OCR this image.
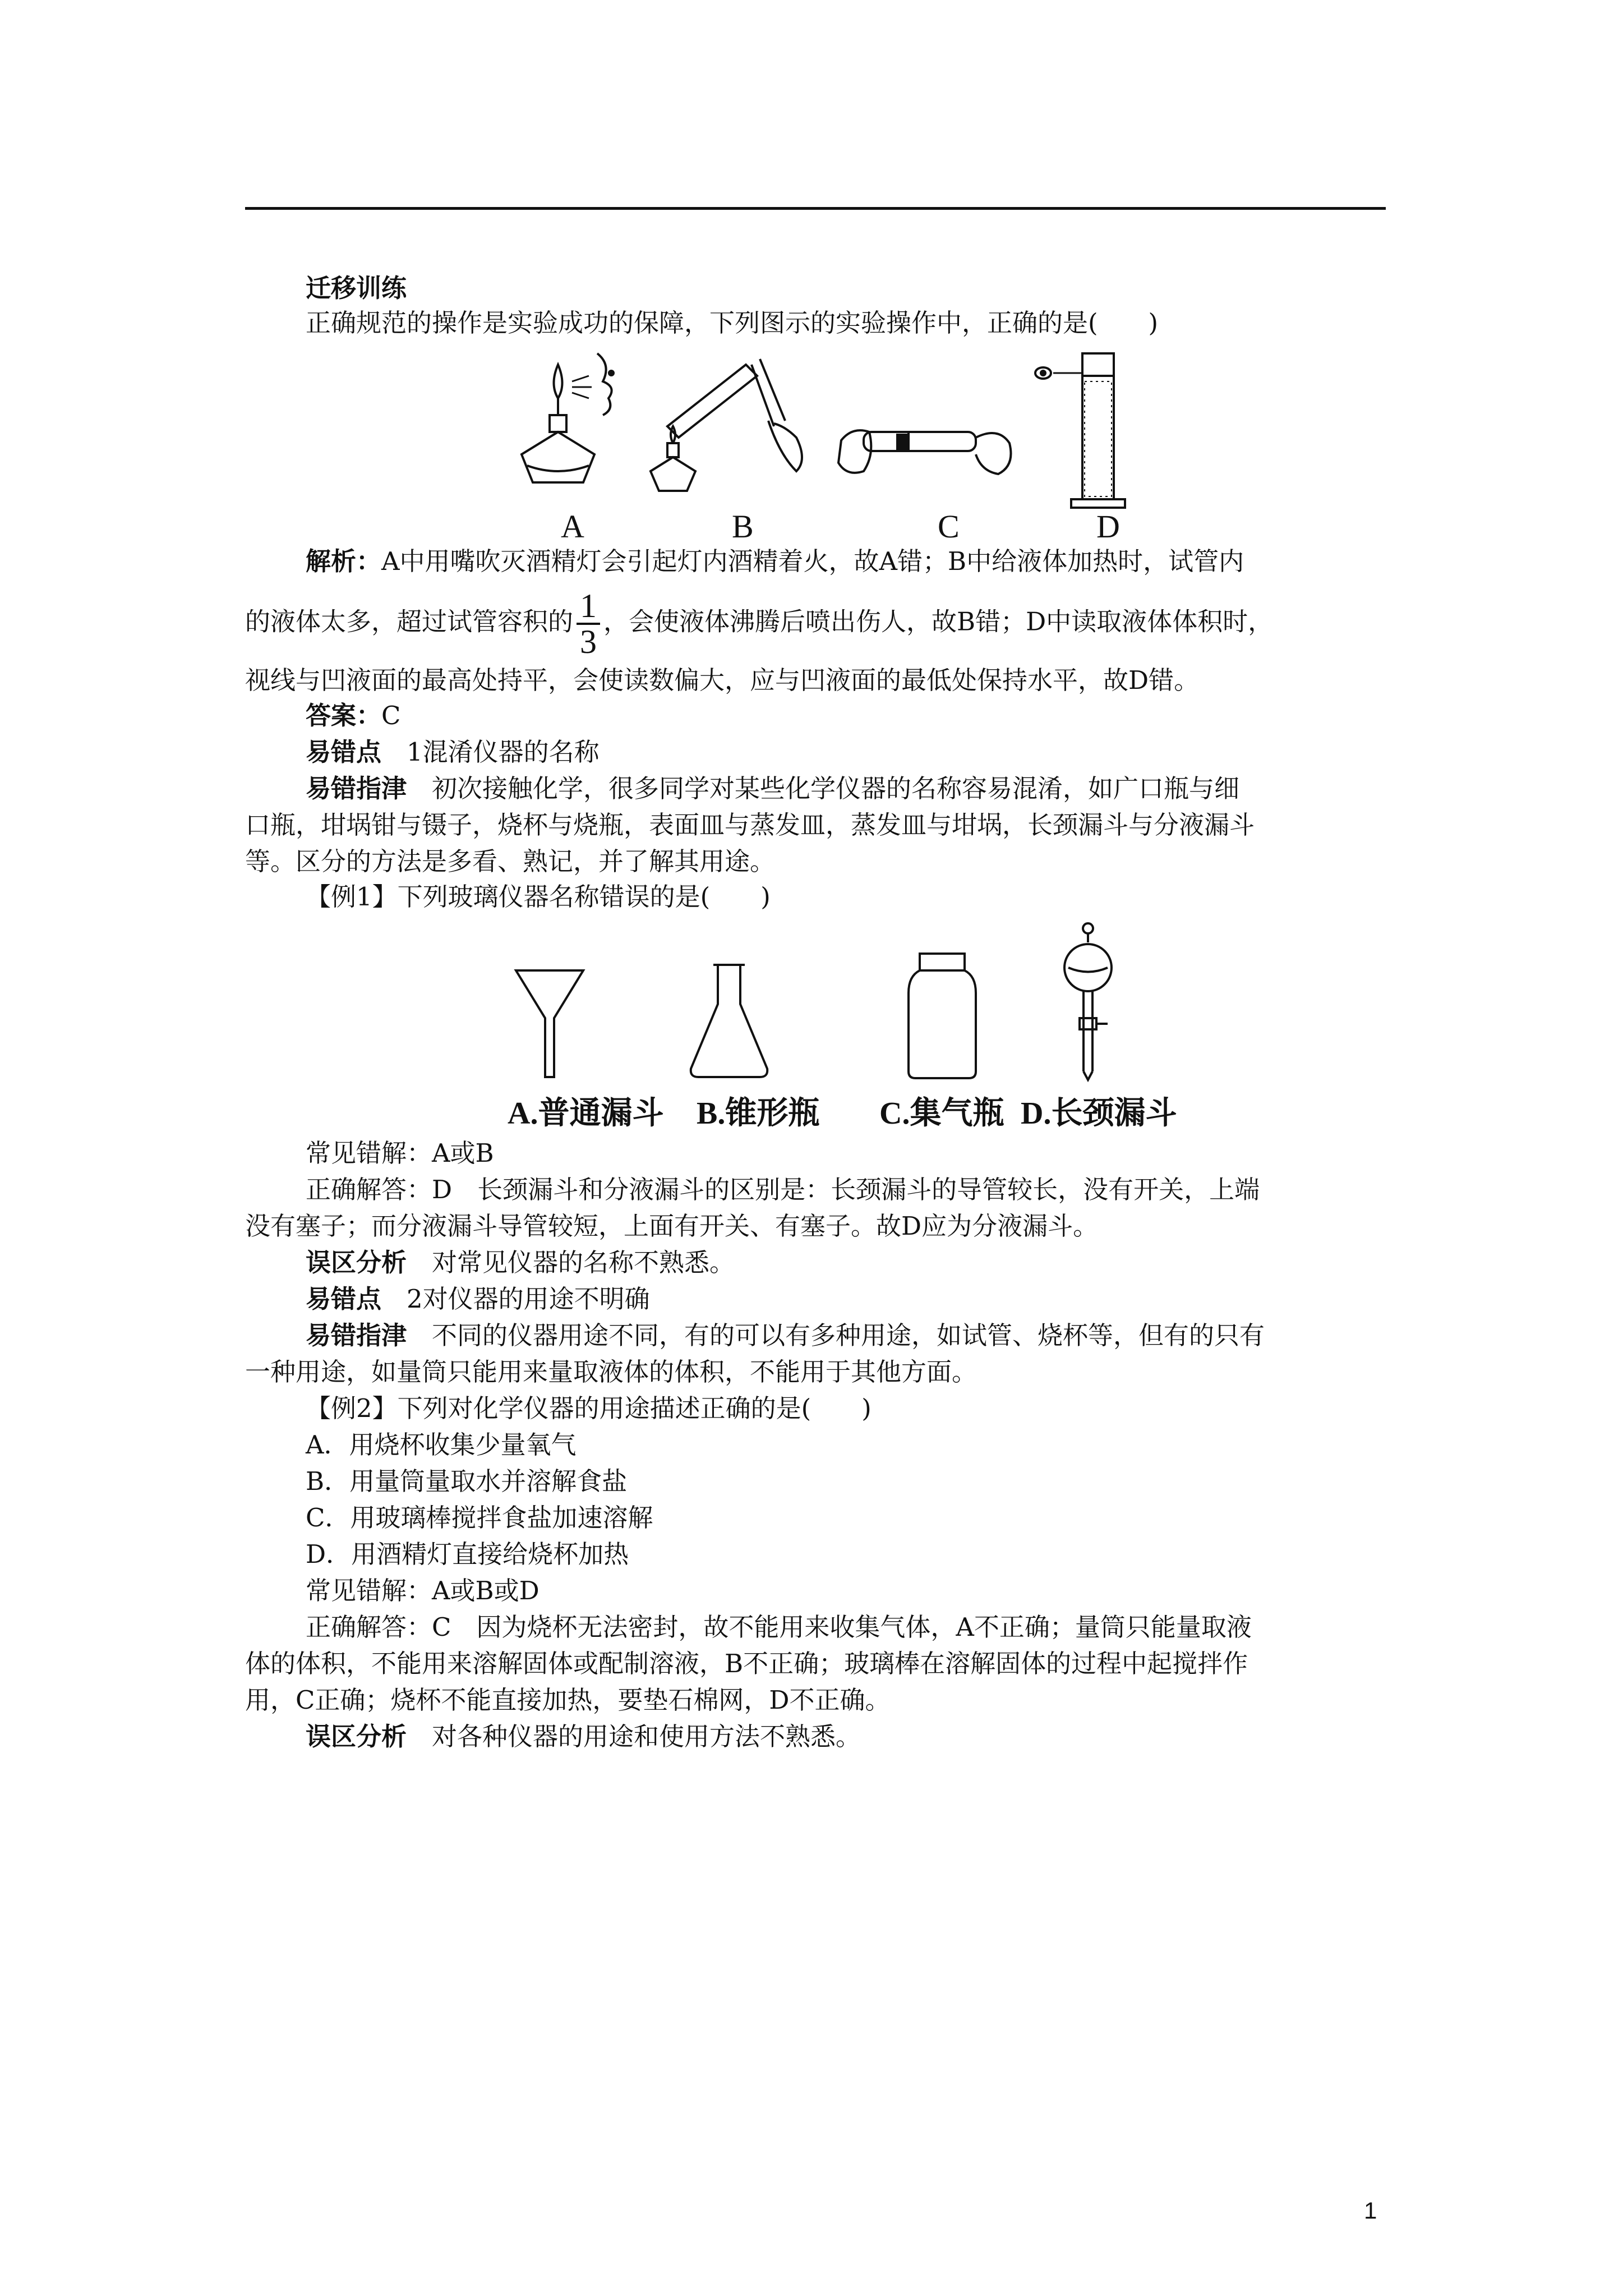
迁移训练
正确规范的操作是实验成功的保障，下列图示的实验操作中，正确的是(　　)
A	B	C	D
解析：A中用嘴吹灭酒精灯会引起灯内酒精着火，故A错；B中给液体加热时，试管内
的液体太多，超过试管容积的 $\frac{1}{3}$ ，会使液体沸腾后喷出伤人，故B错；D中读取液体体积时，
视线与凹液面的最高处持平，会使读数偏大，应与凹液面的最低处保持水平，故D错。
答案：C
易错点　1混淆仪器的名称
易错指津　初次接触化学，很多同学对某些化学仪器的名称容易混淆，如广口瓶与细
口瓶，坩埚钳与镊子，烧杯与烧瓶，表面皿与蒸发皿，蒸发皿与坩埚，长颈漏斗与分液漏斗
等。区分的方法是多看、熟记，并了解其用途。
【例1】下列玻璃仪器名称错误的是(　　)
A.普通漏斗 B.锥形瓶 C.集气瓶 D.长颈漏斗
常见错解：A或B
正确解答：D　长颈漏斗和分液漏斗的区别是：长颈漏斗的导管较长，没有开关，上端
没有塞子；而分液漏斗导管较短，上面有开关、有塞子。故D应为分液漏斗。
误区分析　对常见仪器的名称不熟悉。
易错点　2对仪器的用途不明确
易错指津　不同的仪器用途不同，有的可以有多种用途，如试管、烧杯等，但有的只有
一种用途，如量筒只能用来量取液体的体积，不能用于其他方面。
【例2】下列对化学仪器的用途描述正确的是(　　)
A．用烧杯收集少量氧气
B．用量筒量取水并溶解食盐
C．用玻璃棒搅拌食盐加速溶解
D．用酒精灯直接给烧杯加热
常见错解：A或B或D
正确解答：C　因为烧杯无法密封，故不能用来收集气体，A不正确；量筒只能量取液
体的体积，不能用来溶解固体或配制溶液，B不正确；玻璃棒在溶解固体的过程中起搅拌作
用，C正确；烧杯不能直接加热，要垫石棉网，D不正确。
误区分析　对各种仪器的用途和使用方法不熟悉。
1
